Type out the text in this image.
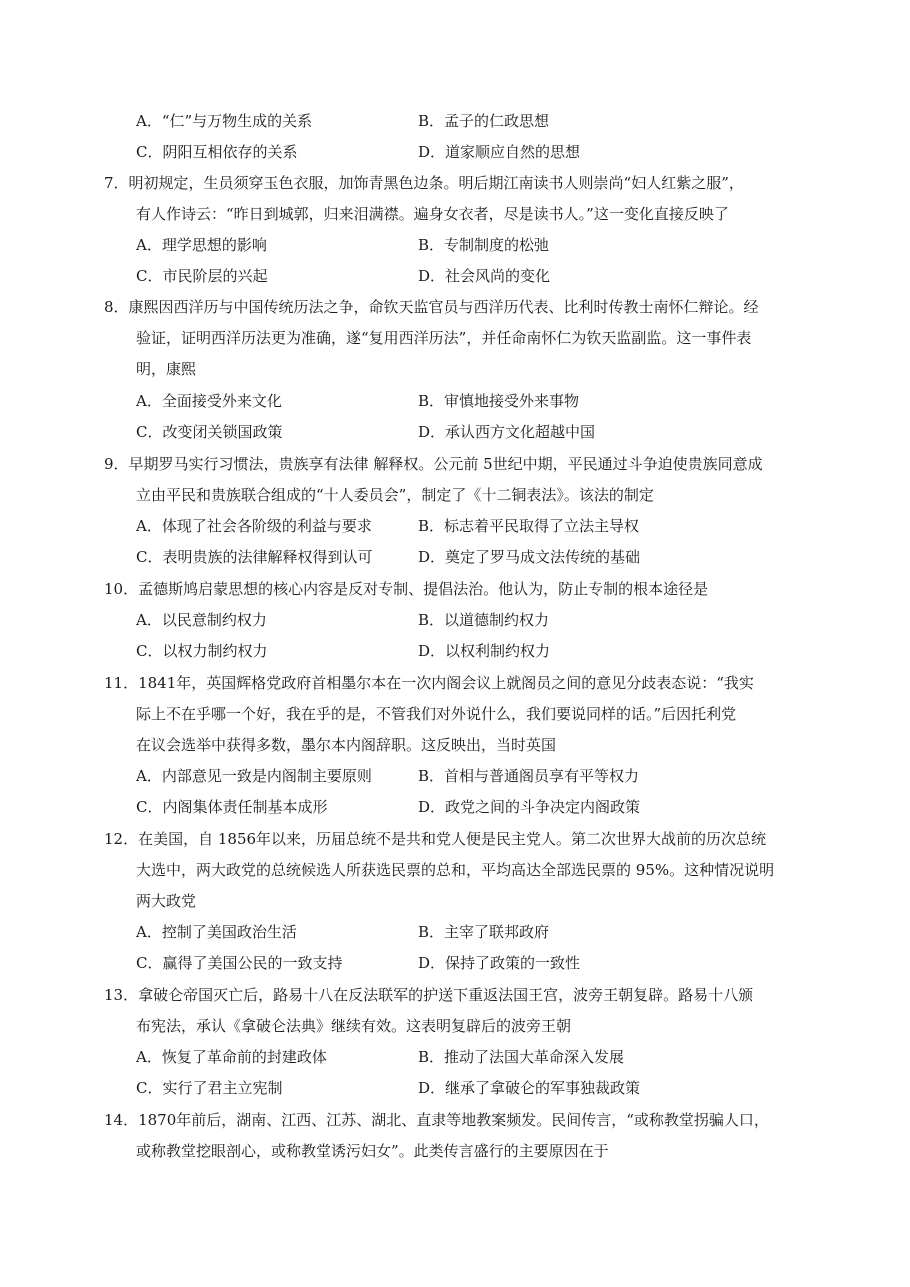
A．“仁”与万物生成的关系	B．孟子的仁政思想
C．阴阳互相依存的关系	D．道家顺应自然的思想
7．明初规定，生员须穿玉色衣服，加饰青黑色边条。明后期江南读书人则崇尚“妇人红紫之服”，
有人作诗云：“昨日到城郭，归来泪满襟。遍身女衣者，尽是读书人。”这一变化直接反映了
A．理学思想的影响	B．专制制度的松弛
C．市民阶层的兴起	D．社会风尚的变化
8．康熙因西洋历与中国传统历法之争，命钦天监官员与西洋历代表、比利时传教士南怀仁辩论。经
验证，证明西洋历法更为准确，遂“复用西洋历法”，并任命南怀仁为钦天监副监。这一事件表
明，康熙
A．全面接受外来文化	B．审慎地接受外来事物
C．改变闭关锁国政策	D．承认西方文化超越中国
9．早期罗马实行习惯法，贵族享有法律 解释权。公元前 5世纪中期，平民通过斗争迫使贵族同意成
立由平民和贵族联合组成的“十人委员会”，制定了《十二铜表法》。该法的制定
A．体现了社会各阶级的利益与要求	B．标志着平民取得了立法主导权
C．表明贵族的法律解释权得到认可	D．奠定了罗马成文法传统的基础
10．孟德斯鸠启蒙思想的核心内容是反对专制、提倡法治。他认为，防止专制的根本途径是
A．以民意制约权力	B．以道德制约权力
C．以权力制约权力	D．以权利制约权力
11．1841年，英国辉格党政府首相墨尔本在一次内阁会议上就阁员之间的意见分歧表态说：“我实
际上不在乎哪一个好，我在乎的是，不管我们对外说什么，我们要说同样的话。”后因托利党
在议会选举中获得多数，墨尔本内阁辞职。这反映出，当时英国
A．内部意见一致是内阁制主要原则	B．首相与普通阁员享有平等权力
C．内阁集体责任制基本成形	D．政党之间的斗争决定内阁政策
12．在美国，自 1856年以来，历届总统不是共和党人便是民主党人。第二次世界大战前的历次总统
大选中，两大政党的总统候选人所获选民票的总和，平均高达全部选民票的 95%。这种情况说明
两大政党
A．控制了美国政治生活	B．主宰了联邦政府
C．赢得了美国公民的一致支持	D．保持了政策的一致性
13．拿破仑帝国灭亡后，路易十八在反法联军的护送下重返法国王宫，波旁王朝复辟。路易十八颁
布宪法，承认《拿破仑法典》继续有效。这表明复辟后的波旁王朝
A．恢复了革命前的封建政体	B．推动了法国大革命深入发展
C．实行了君主立宪制	D．继承了拿破仑的军事独裁政策
14．1870年前后，湖南、江西、江苏、湖北、直隶等地教案频发。民间传言，“或称教堂拐骗人口，
或称教堂挖眼剖心，或称教堂诱污妇女”。此类传言盛行的主要原因在于
